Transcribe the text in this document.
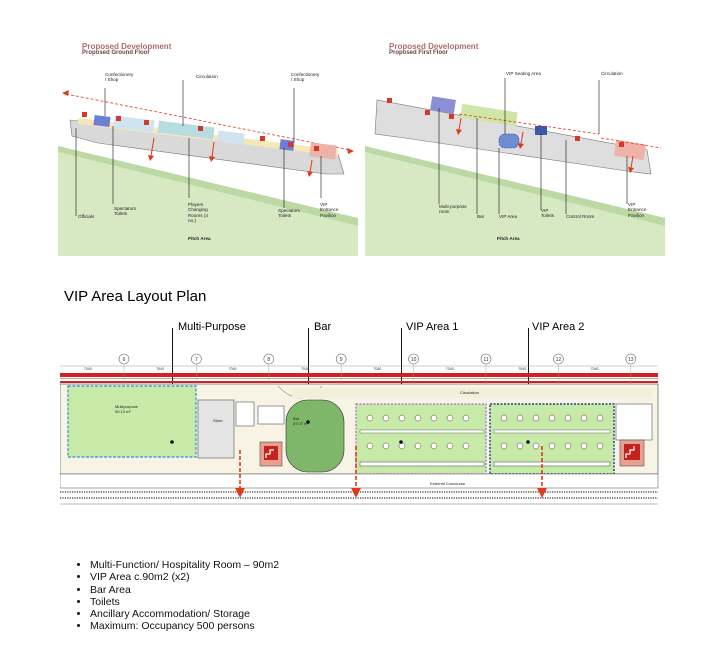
Proposed Development
Proposed Ground Floor
Confectionery / Shop
Circulation	Confectionery / Shop
Officials
Spectators Toilets
Players Changing Rooms (4 no.)
Spectators Toilets
VIP Entrance Pavilion
Pitch Area
Proposed Development
Proposed First Floor
VIP Seating Area	Circulation
Multi-purpose room
Bar	VIP Area
VIP Toilets	Control Room
VIP Entrance Pavilion
Pitch Area
VIP Area Layout Plan
Multi-Purpose	Bar	VIP Area 1	VIP Area 2
6	7	8	9	10	11	12	13
7040	7040	7040	7040	7040	7040	7040	7040
Multipurpose
90.13 m²
Bar
37.07 m²
Circulation
External Concourse
Store
• Multi-Function/ Hospitality Room – 90m2
• VIP Area c.90m2 (x2)
• Bar Area
• Toilets
• Ancillary Accommodation/ Storage
• Maximum: Occupancy 500 persons
